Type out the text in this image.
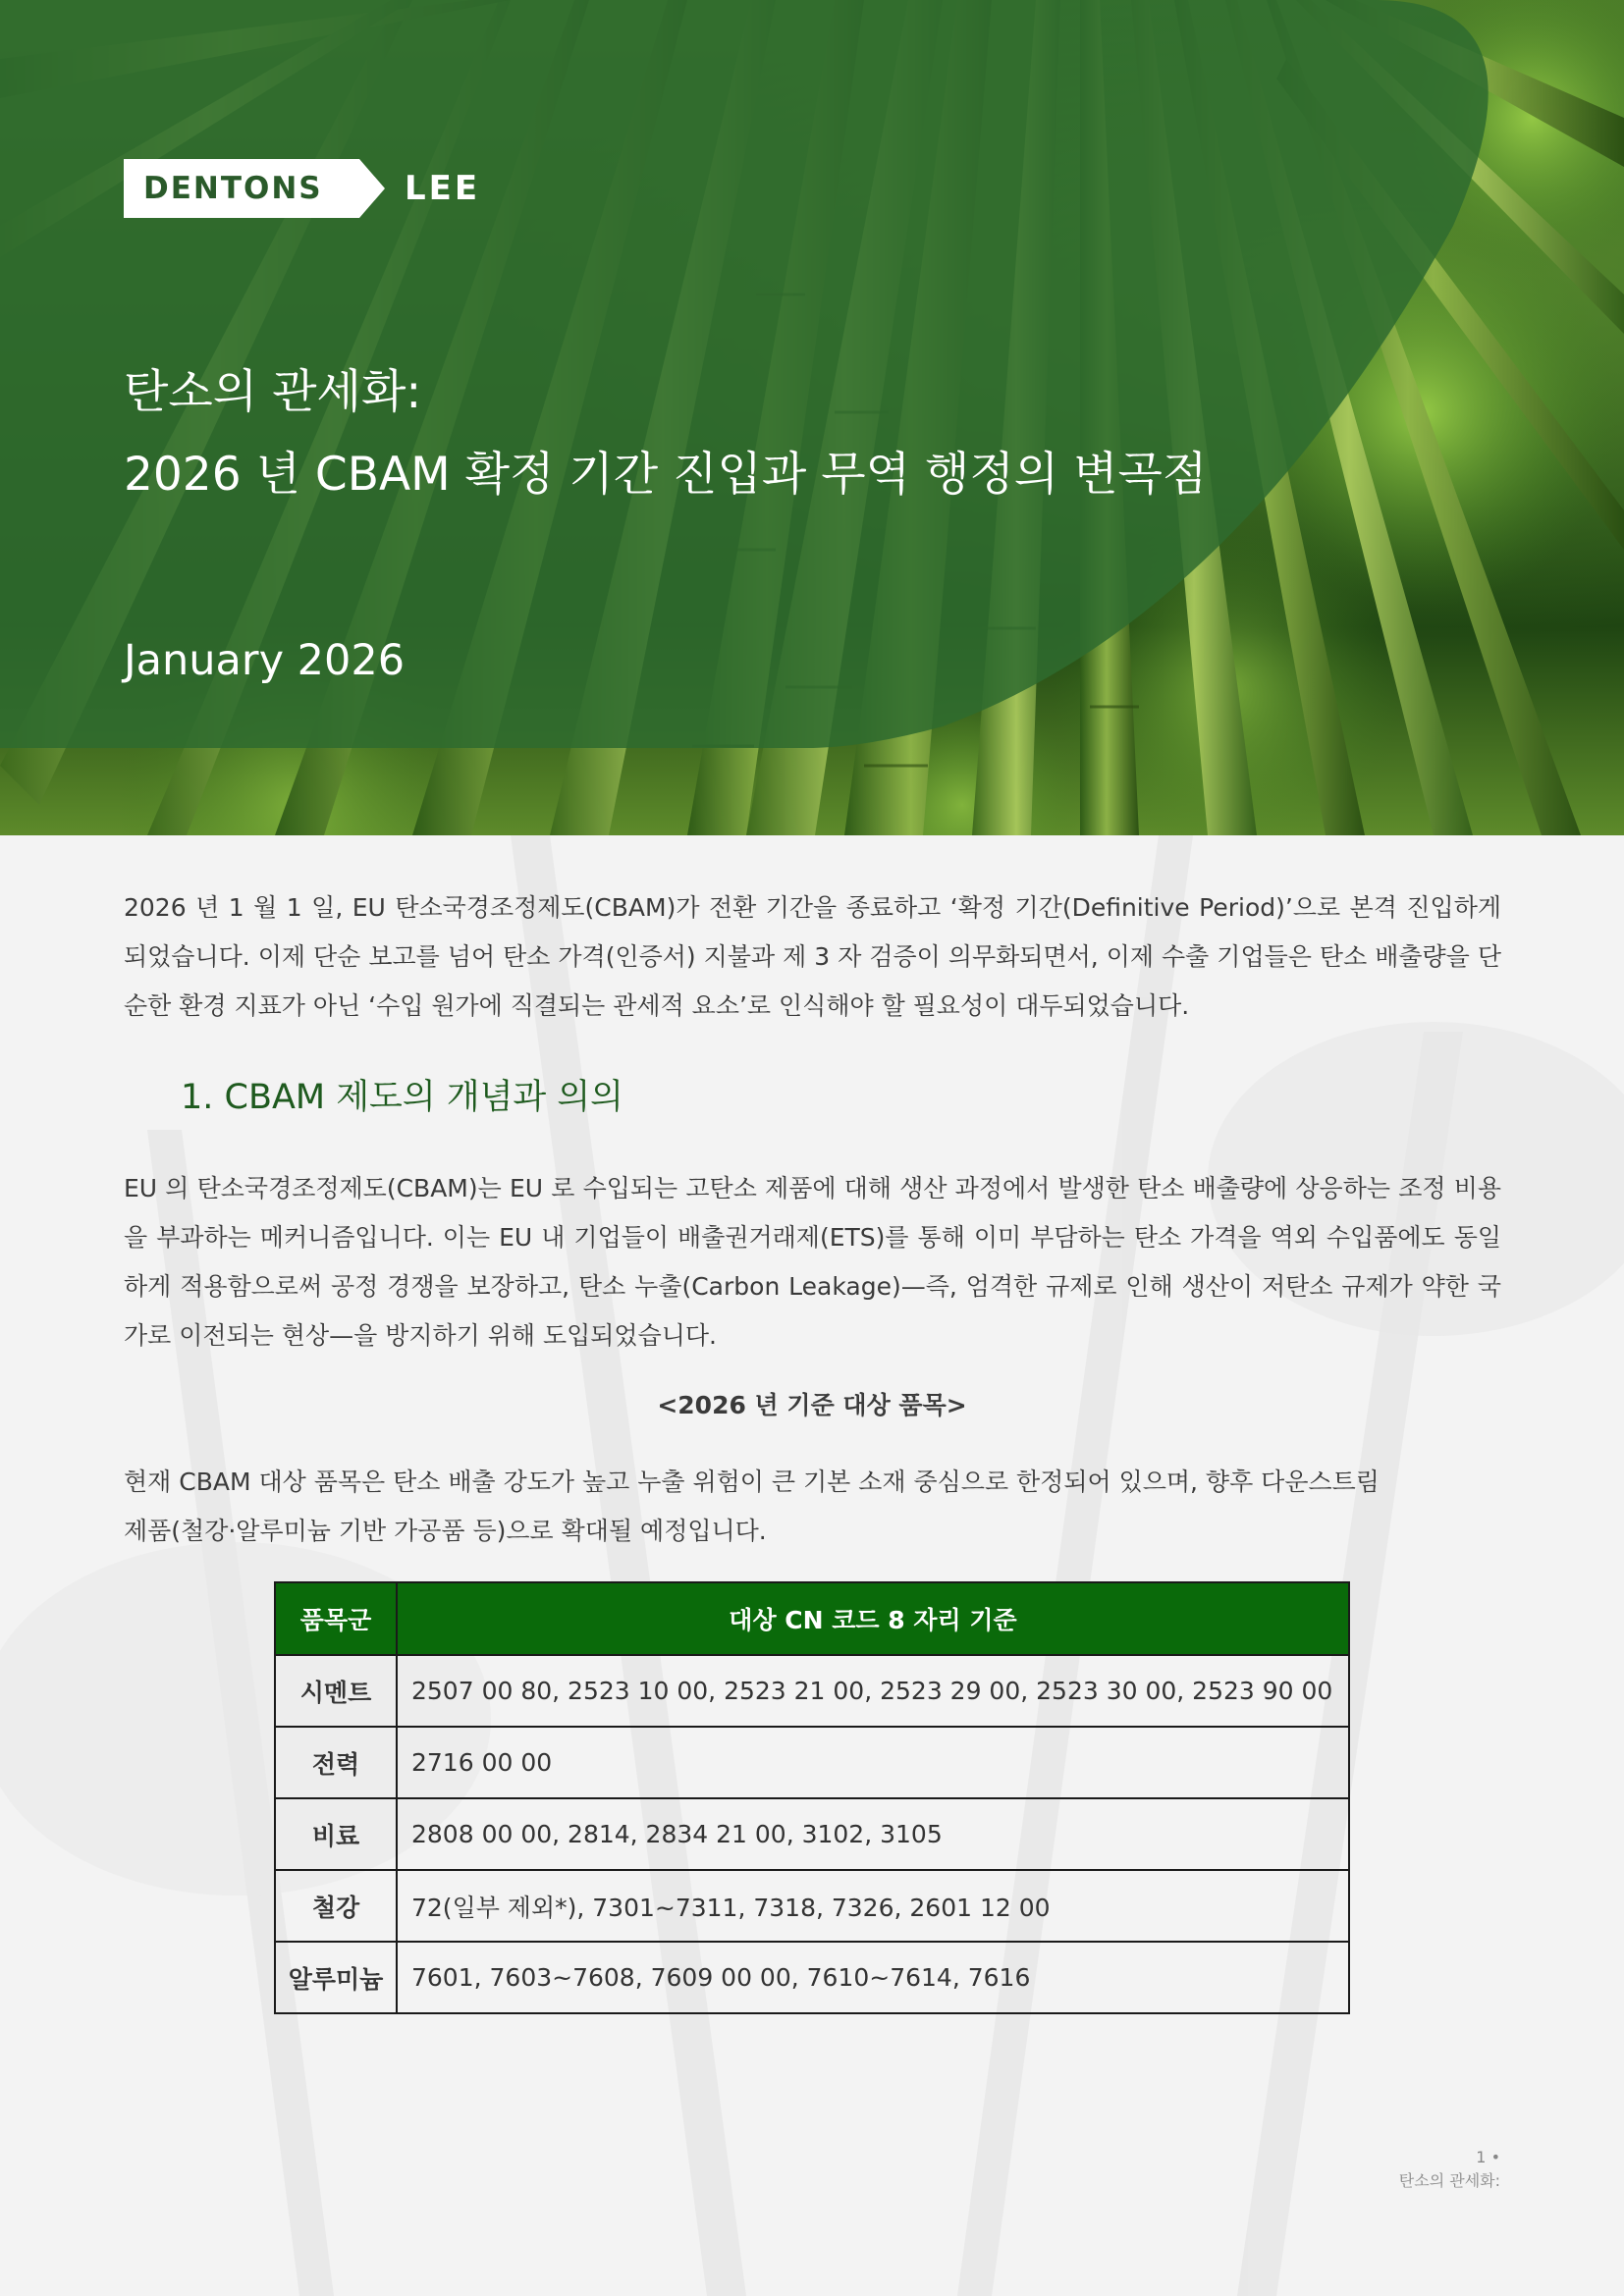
DENTONS	LEE
탄소의 관세화:
2026 년 CBAM 확정 기간 진입과 무역 행정의 변곡점
January 2026

2026 년 1 월 1 일, EU 탄소국경조정제도(CBAM)가 전환 기간을 종료하고 ‘확정 기간(Definitive Period)’으로 본격 진입하게 되었습니다. 이제 단순 보고를 넘어 탄소 가격(인증서) 지불과 제 3 자 검증이 의무화되면서, 이제 수출 기업들은 탄소 배출량을 단순한 환경 지표가 아닌 ‘수입 원가에 직결되는 관세적 요소’로 인식해야 할 필요성이 대두되었습니다.

1. CBAM 제도의 개념과 의의

EU 의 탄소국경조정제도(CBAM)는 EU 로 수입되는 고탄소 제품에 대해 생산 과정에서 발생한 탄소 배출량에 상응하는 조정 비용을 부과하는 메커니즘입니다. 이는 EU 내 기업들이 배출권거래제(ETS)를 통해 이미 부담하는 탄소 가격을 역외 수입품에도 동일하게 적용함으로써 공정 경쟁을 보장하고, 탄소 누출(Carbon Leakage)—즉, 엄격한 규제로 인해 생산이 저탄소 규제가 약한 국가로 이전되는 현상—을 방지하기 위해 도입되었습니다.

<2026 년 기준 대상 품목>

현재 CBAM 대상 품목은 탄소 배출 강도가 높고 누출 위험이 큰 기본 소재 중심으로 한정되어 있으며, 향후 다운스트림 제품(철강·알루미늄 기반 가공품 등)으로 확대될 예정입니다.

품목군	대상 CN 코드 8 자리 기준
시멘트	2507 00 80, 2523 10 00, 2523 21 00, 2523 29 00, 2523 30 00, 2523 90 00
전력	2716 00 00
비료	2808 00 00, 2814, 2834 21 00, 3102, 3105
철강	72(일부 제외*), 7301~7311, 7318, 7326, 2601 12 00
알루미늄	7601, 7603~7608, 7609 00 00, 7610~7614, 7616
1 •
탄소의 관세화:
